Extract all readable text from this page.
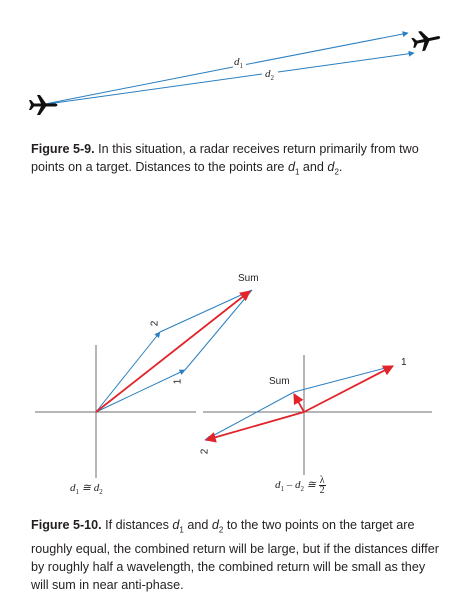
$d_1$
$d_2$
Figure 5-9. In this situation, a radar receives return primarily from two points on a target. Distances to the points are $d_1$ and $d_2$.
Sum
2
1
$d_1$ ≅ $d_2$
Sum
1
2
$d_1 - d_2$ ≅ $\frac{\lambda}{2}$
Figure 5-10. If distances $d_1$ and $d_2$ to the two points on the target are roughly equal, the combined return will be large, but if the distances differ by roughly half a wavelength, the combined return will be small as they will sum in near anti-phase.
